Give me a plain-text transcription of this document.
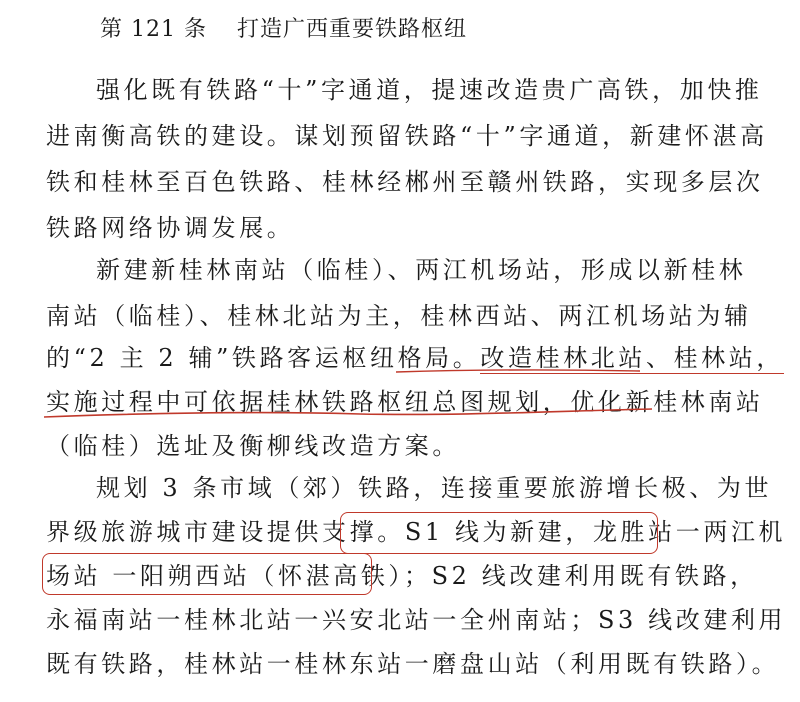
第 121 条 打造广西重要铁路枢纽
强化既有铁路“十”字通道，提速改造贵广高铁，加快推
进南衡高铁的建设。谋划预留铁路“十”字通道，新建怀湛高
铁和桂林至百色铁路、桂林经郴州至赣州铁路，实现多层次
铁路网络协调发展。
新建新桂林南站（临桂）、两江机场站，形成以新桂林
南站（临桂）、桂林北站为主，桂林西站、两江机场站为辅
的“2 主 2 辅”铁路客运枢纽格局。改造桂林北站、桂林站，
实施过程中可依据桂林铁路枢纽总图规划，优化新桂林南站
（临桂）选址及衡柳线改造方案。
规划 3 条市域（郊）铁路，连接重要旅游增长极、为世
界级旅游城市建设提供支撑。S1 线为新建，龙胜站一两江机
场站 一阳朔西站（怀湛高铁）；S2 线改建利用既有铁路，
永福南站一桂林北站一兴安北站一全州南站；S3 线改建利用
既有铁路，桂林站一桂林东站一磨盘山站（利用既有铁路）。
